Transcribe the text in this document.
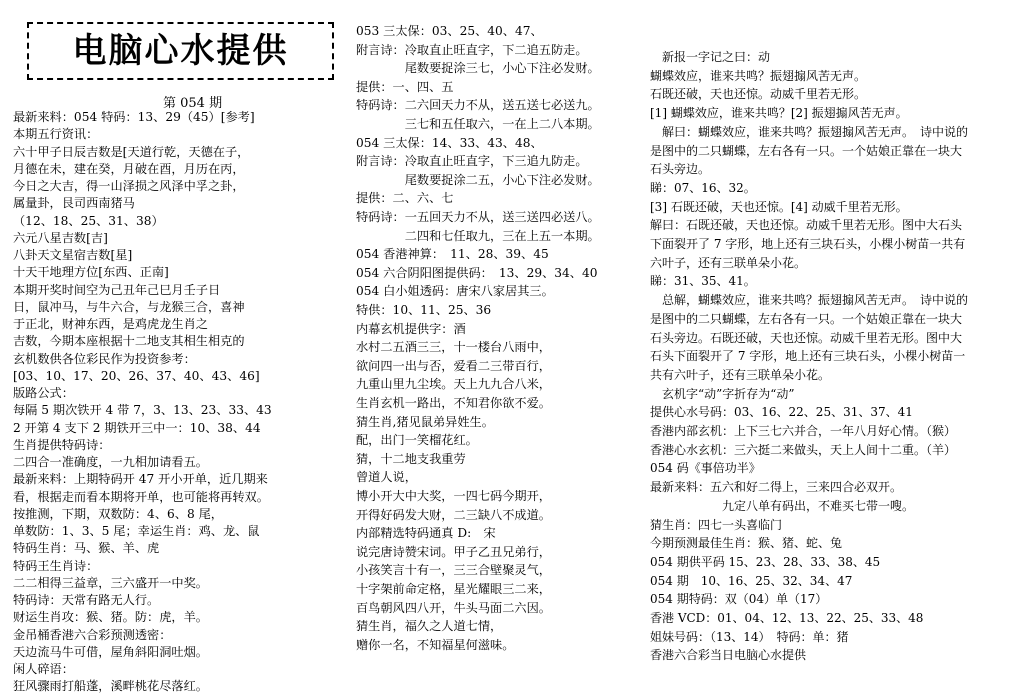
电脑心水提供
第 054 期
最新来料：054 特码：13、29（45）[参考]
本期五行资讯：
六十甲子日辰吉数是[天道行乾，天德在子，
月德在未，建在癸，月破在酉，月历在丙，
今日之大吉，得一山泽损之风泽中孚之卦，
属量卦，艮司西南猪马
（12、18、25、31、38）
六元八星吉数[吉]
八卦天文星宿吉数[星]
十天干地理方位[东西、正南]
本期开奖时间空为己丑年己巳月壬子日
日，鼠冲马，与牛六合，与龙猴三合，喜神
于正北，财神东西，是鸡虎龙生肖之
吉数，今期本座根据十二地支其相生相克的
玄机数供各位彩民作为投资参考：
[03、10、17、20、26、37、40、43、46]
版路公式：
每隔 5 期次铁开 4 带 7，3、13、23、33、43
2 开第 4 支下 2 期铁开三中一：10、38、44
生肖提供特码诗：
二四合一准确度，一九相加请看五。
最新来料：上期特码开 47 开小开单，近几期来
看，根据走而看本期将开单，也可能将再转双。
按推测，下期，双数防：4、6、8 尾，
单数防：1、3、5 尾；幸运生肖：鸡、龙、鼠
特码生肖：马、猴、羊、虎
特码王生肖诗：
二二相得三益章，三六盛开一中奖。
特码诗：天常有路无人行。
财运生肖攻：猴、猪。防：虎，羊。
金吊桶香港六合彩预测透密：
天边流马牛可借，屋角斜阳洞吐烟。
闲人碎语：
狂风骤雨打船蓬，溪畔桃花尽落红。
053 三太保：03、25、40、47、
附言诗：冷取直止旺直字，下二追五防走。
　　　　尾数要捉涂三七，小心下注必发财。
提供：一、四、五
特码诗：二六回天力不从，送五送七必送九。
　　　　三七和五任取六，一在上二八本期。
054 三太保：14、33、43、48、
附言诗：冷取直止旺直字，下三追九防走。
　　　　尾数要捉涂二五，小心下注必发财。
提供：二、六、七
特码诗：一五回天力不从，送三送四必送八。
　　　　二四和七任取九，三在上五一本期。
054 香港神算：　11、28、39、45
054 六合阴阳图提供码：　13、29、34、40
054 白小姐透码：唐宋八家居其三。
特供：10、11、25、36
内幕玄机提供字：酒
水村二五酒三三，十一楼台八雨中，
欲问四一出与否，爱看二三带百行，
九重山里九尘埃。天上九九合八米，
生肖玄机一路出，不知君你欲不爱。
猜生肖,猪见鼠弟异姓生。
配，出门一笑榴花红。
猜，十二地支我重劳
曾道人说，
博小开大中大奖，一四七码今期开，
开得好码发大财，二三缺八不成道。
内部精选特码通真 D:　宋
说完唐诗赞宋词。甲子乙丑兄弟行，
小孩笑言十有一，三三合壁聚灵气，
十字架前命定格，星光耀眼三二来，
百鸟朝风四八开，牛头马面二六因。
猜生肖，福久之人道七情，
赠你一名，不知福星何滋味。
　新报一字记之曰：动
蝴蝶效应，谁来共鸣？振翅搧风苦无声。
石既还破，天也还惊。动威千里若无形。
[1] 蝴蝶效应，谁来共鸣？[2] 振翅搧风苦无声。
　解曰：蝴蝶效应，谁来共鸣？振翅搧风苦无声。　诗中说的
是图中的二只蝴蝶，左右各有一只。一个姑娘正靠在一块大
石头旁边。
睇：07、16、32。
[3] 石既还破，天也还惊。[4] 动威千里若无形。
解曰：石既还破，天也还惊。动威千里若无形。图中大石头
下面裂开了 7 字形，地上还有三块石头，小棵小树苗一共有
六叶子，还有三联单朵小花。
睇：31、35、41。
　总解，蝴蝶效应，谁来共鸣？振翅搧风苦无声。　诗中说的
是图中的二只蝴蝶，左右各有一只。一个姑娘正靠在一块大
石头旁边。石既还破，天也还惊。动威千里若无形。图中大
石头下面裂开了 7 字形，地上还有三块石头，小棵小树苗一
共有六叶子，还有三联单朵小花。
　玄机字“动”字折存为“动”
提供心水号码：03、16、22、25、31、37、41
香港内部玄机：上下三七六并合，一年八月好心情。（猴）
香港心水玄机：三六挺二来做头，天上人间十二重。（羊）
054 码《事倍功半》
最新来料：五六和好二得上，三来四合必双开。
　　　　　　九定八单有码出，不难买七带一嗖。
猜生肖：四七一头喜临门
今期预测最佳生肖：猴、猪、蛇、兔
054 期供平码 15、23、28、33、38、45
054 期　10、16、25、32、34、47
054 期特码：双（04）单（17）
香港 VCD：01、04、12、13、22、25、33、48
姐妹号码：（13、14）　特码：单：猪
香港六合彩当日电脑心水提供
